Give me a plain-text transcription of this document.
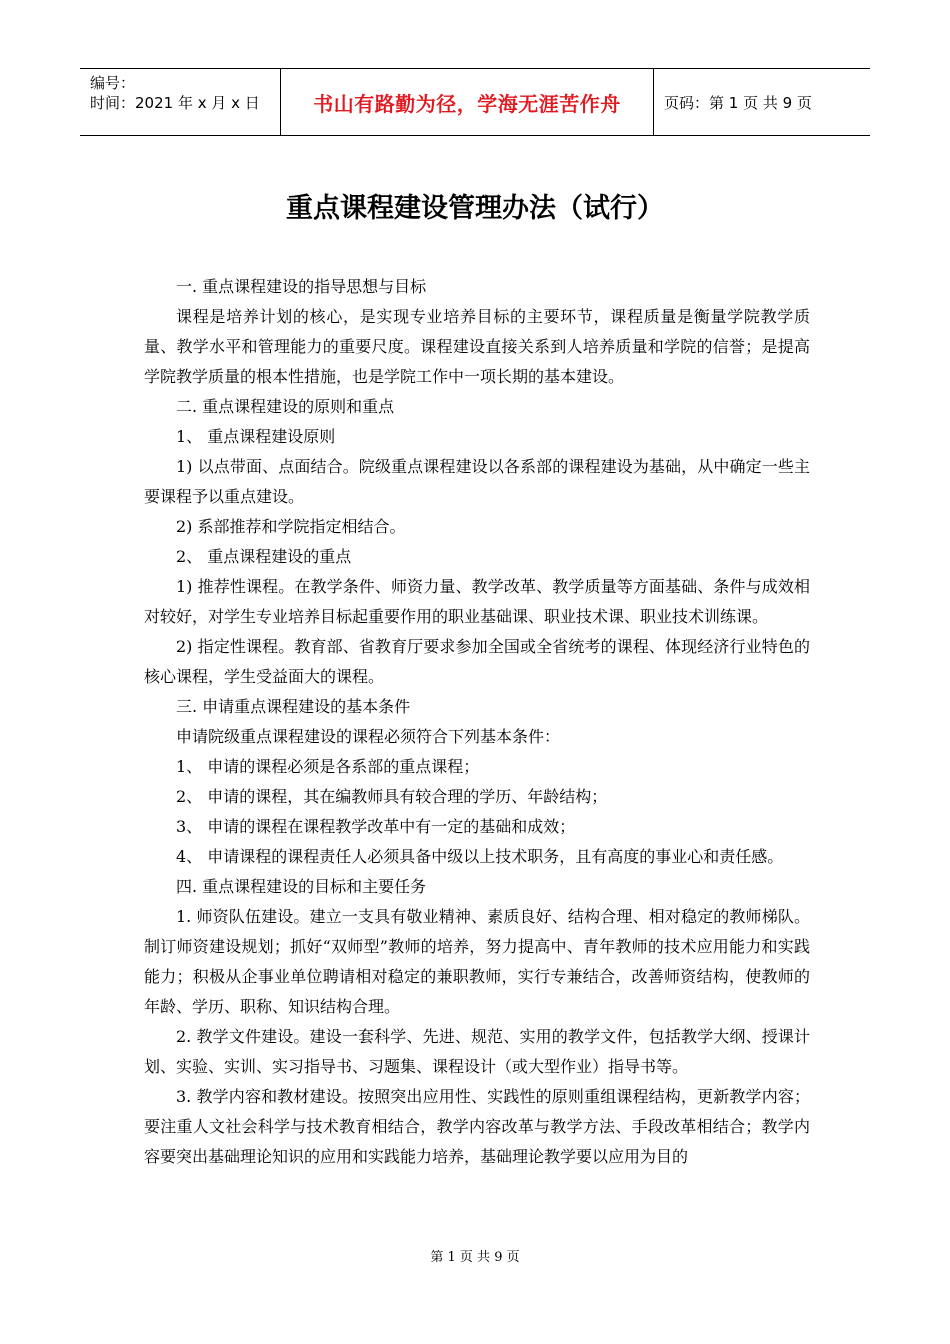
编号：
时间：2021 年 x 月 x 日	书山有路勤为径，学海无涯苦作舟	页码：第 1 页 共 9 页
重点课程建设管理办法（试行）

一. 重点课程建设的指导思想与目标

课程是培养计划的核心，是实现专业培养目标的主要环节，课程质量是衡量学院教学质量、教学水平和管理能力的重要尺度。课程建设直接关系到人培养质量和学院的信誉；是提高学院教学质量的根本性措施，也是学院工作中一项长期的基本建设。

二. 重点课程建设的原则和重点

1、 重点课程建设原则

1) 以点带面、点面结合。院级重点课程建设以各系部的课程建设为基础，从中确定一些主要课程予以重点建设。

2) 系部推荐和学院指定相结合。

2、 重点课程建设的重点

1) 推荐性课程。在教学条件、师资力量、教学改革、教学质量等方面基础、条件与成效相对较好，对学生专业培养目标起重要作用的职业基础课、职业技术课、职业技术训练课。

2) 指定性课程。教育部、省教育厅要求参加全国或全省统考的课程、体现经济行业特色的核心课程，学生受益面大的课程。

三. 申请重点课程建设的基本条件

申请院级重点课程建设的课程必须符合下列基本条件：

1、 申请的课程必须是各系部的重点课程；

2、 申请的课程，其在编教师具有较合理的学历、年龄结构；

3、 申请的课程在课程教学改革中有一定的基础和成效；

4、 申请课程的课程责任人必须具备中级以上技术职务，且有高度的事业心和责任感。

四. 重点课程建设的目标和主要任务

1. 师资队伍建设。建立一支具有敬业精神、素质良好、结构合理、相对稳定的教师梯队。制订师资建设规划；抓好“双师型”教师的培养，努力提高中、青年教师的技术应用能力和实践能力；积极从企事业单位聘请相对稳定的兼职教师，实行专兼结合，改善师资结构，使教师的年龄、学历、职称、知识结构合理。

2. 教学文件建设。建设一套科学、先进、规范、实用的教学文件，包括教学大纲、授课计划、实验、实训、实习指导书、习题集、课程设计（或大型作业）指导书等。

3. 教学内容和教材建设。按照突出应用性、实践性的原则重组课程结构，更新教学内容；要注重人文社会科学与技术教育相结合，教学内容改革与教学方法、手段改革相结合；教学内容要突出基础理论知识的应用和实践能力培养，基础理论教学要以应用为目的

第 1 页 共 9 页
